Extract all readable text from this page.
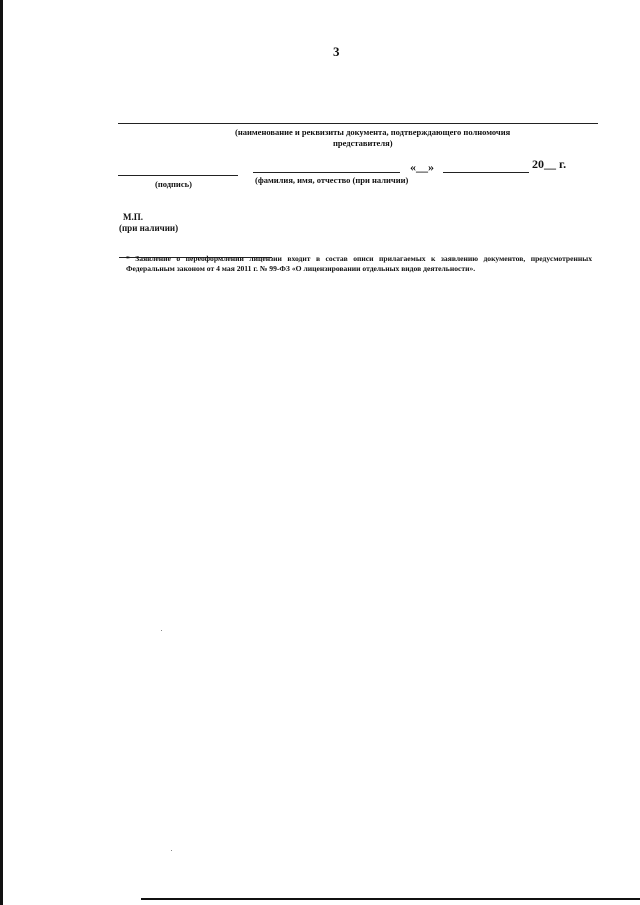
3
(наименование и реквизиты документа, подтверждающего полномочия
представителя)
(подпись)	(фамилия, имя, отчество (при наличии)
«__»	20__ г.
М.П.
(при наличии)
* Заявление о переоформлении лицензии входит в состав описи прилагаемых к заявлению документов, предусмотренных Федеральным законом от 4 мая 2011 г. № 99-ФЗ «О лицензировании отдельных видов деятельности».
